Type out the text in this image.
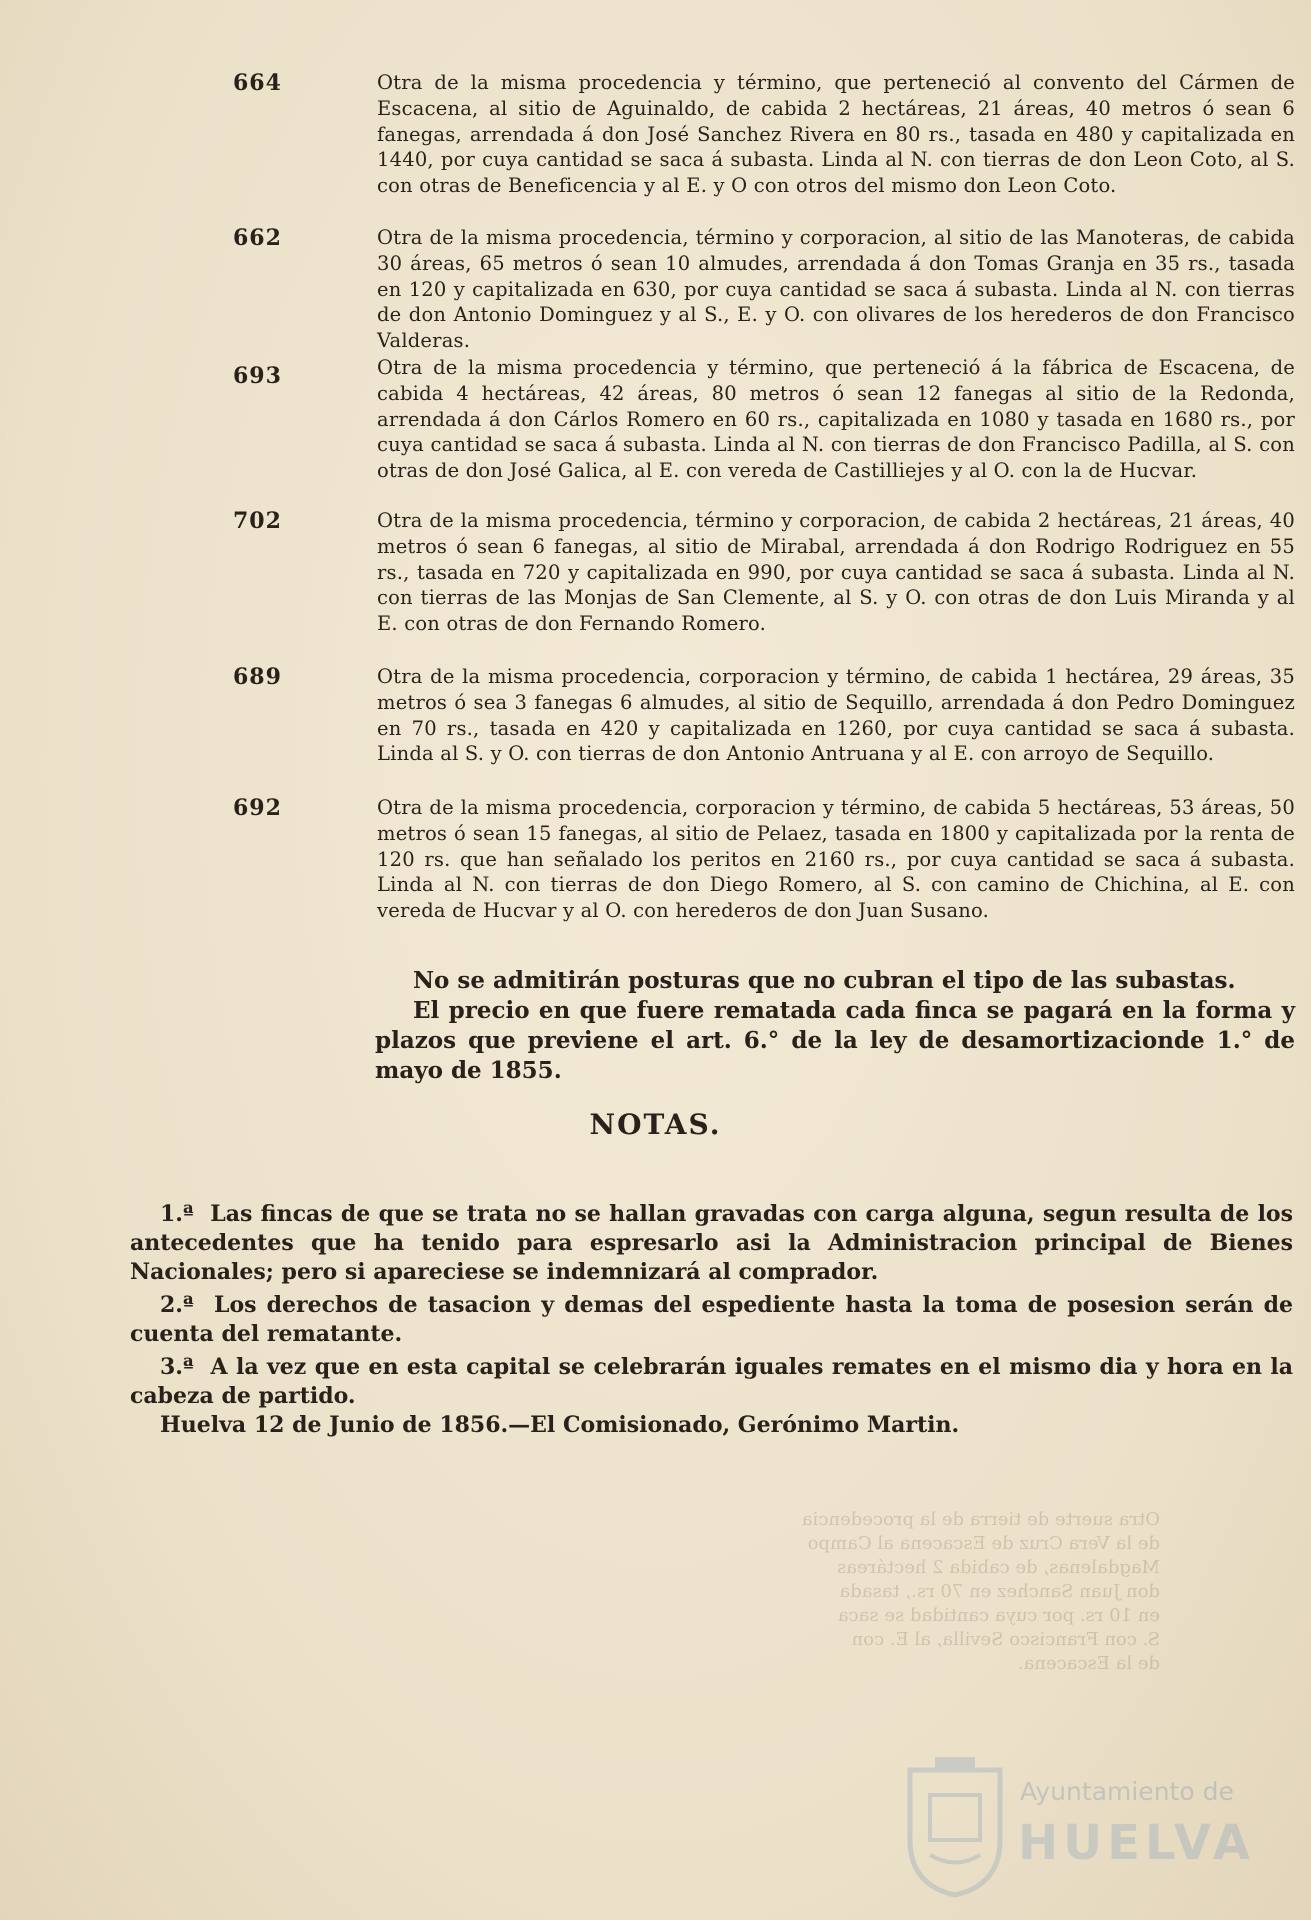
664	Otra de la misma procedencia y término, que perteneció al convento del Cármen de Escacena, al sitio de Aguinaldo, de cabida 2 hectáreas, 21 áreas, 40 metros ó sean 6 fanegas, arrendada á don José Sanchez Rivera en 80 rs., tasada en 480 y capitalizada en 1440, por cuya cantidad se saca á subasta. Linda al N. con tierras de don Leon Coto, al S. con otras de Beneficencia y al E. y O con otros del mismo don Leon Coto.
662	Otra de la misma procedencia, término y corporacion, al sitio de las Manoteras, de cabida 30 áreas, 65 metros ó sean 10 almudes, arrendada á don Tomas Granja en 35 rs., tasada en 120 y capitalizada en 630, por cuya cantidad se saca á subasta. Linda al N. con tierras de don Antonio Dominguez y al S., E. y O. con olivares de los herederos de don Francisco Valderas.
693	Otra de la misma procedencia y término, que perteneció á la fábrica de Escacena, de cabida 4 hectáreas, 42 áreas, 80 metros ó sean 12 fanegas al sitio de la Redonda, arrendada á don Cárlos Romero en 60 rs., capitalizada en 1080 y tasada en 1680 rs., por cuya cantidad se saca á subasta. Linda al N. con tierras de don Francisco Padilla, al S. con otras de don José Galica, al E. con vereda de Castilliejes y al O. con la de Hucvar.
702	Otra de la misma procedencia, término y corporacion, de cabida 2 hectáreas, 21 áreas, 40 metros ó sean 6 fanegas, al sitio de Mirabal, arrendada á don Rodrigo Rodriguez en 55 rs., tasada en 720 y capitalizada en 990, por cuya cantidad se saca á subasta. Linda al N. con tierras de las Monjas de San Clemente, al S. y O. con otras de don Luis Miranda y al E. con otras de don Fernando Romero.
689	Otra de la misma procedencia, corporacion y término, de cabida 1 hectárea, 29 áreas, 35 metros ó sea 3 fanegas 6 almudes, al sitio de Sequillo, arrendada á don Pedro Dominguez en 70 rs., tasada en 420 y capitalizada en 1260, por cuya cantidad se saca á subasta. Linda al S. y O. con tierras de don Antonio Antruana y al E. con arroyo de Sequillo.
692	Otra de la misma procedencia, corporacion y término, de cabida 5 hectáreas, 53 áreas, 50 metros ó sean 15 fanegas, al sitio de Pelaez, tasada en 1800 y capitalizada por la renta de 120 rs. que han señalado los peritos en 2160 rs., por cuya cantidad se saca á subasta. Linda al N. con tierras de don Diego Romero, al S. con camino de Chichina, al E. con vereda de Hucvar y al O. con herederos de don Juan Susano.

No se admitirán posturas que no cubran el tipo de las subastas.

El precio en que fuere rematada cada finca se pagará en la forma y plazos que previene el art. 6.° de la ley de desamortizacionde 1.° de mayo de 1855.

NOTAS.

1.ª Las fincas de que se trata no se hallan gravadas con carga alguna, segun resulta de los antecedentes que ha tenido para espresarlo asi la Administracion principal de Bienes Nacionales; pero si apareciese se indemnizará al comprador.

2.ª Los derechos de tasacion y demas del espediente hasta la toma de posesion serán de cuenta del rematante.

3.ª A la vez que en esta capital se celebrarán iguales remates en el mismo dia y hora en la cabeza de partido.

Huelva 12 de Junio de 1856.—El Comisionado, Gerónimo Martin.
Otra suerte de tierra de la procedencia
de la Vera Cruz de Escacena al Campo
Magdalenas, de cabida 2 hectáreas
don Juan Sanchez en 70 rs., tasada
en 10 rs. por cuya cantidad se saca
S. con Francisco Sevilla, al E. con
de la Escacena.
Ayuntamiento de
HUELVA
